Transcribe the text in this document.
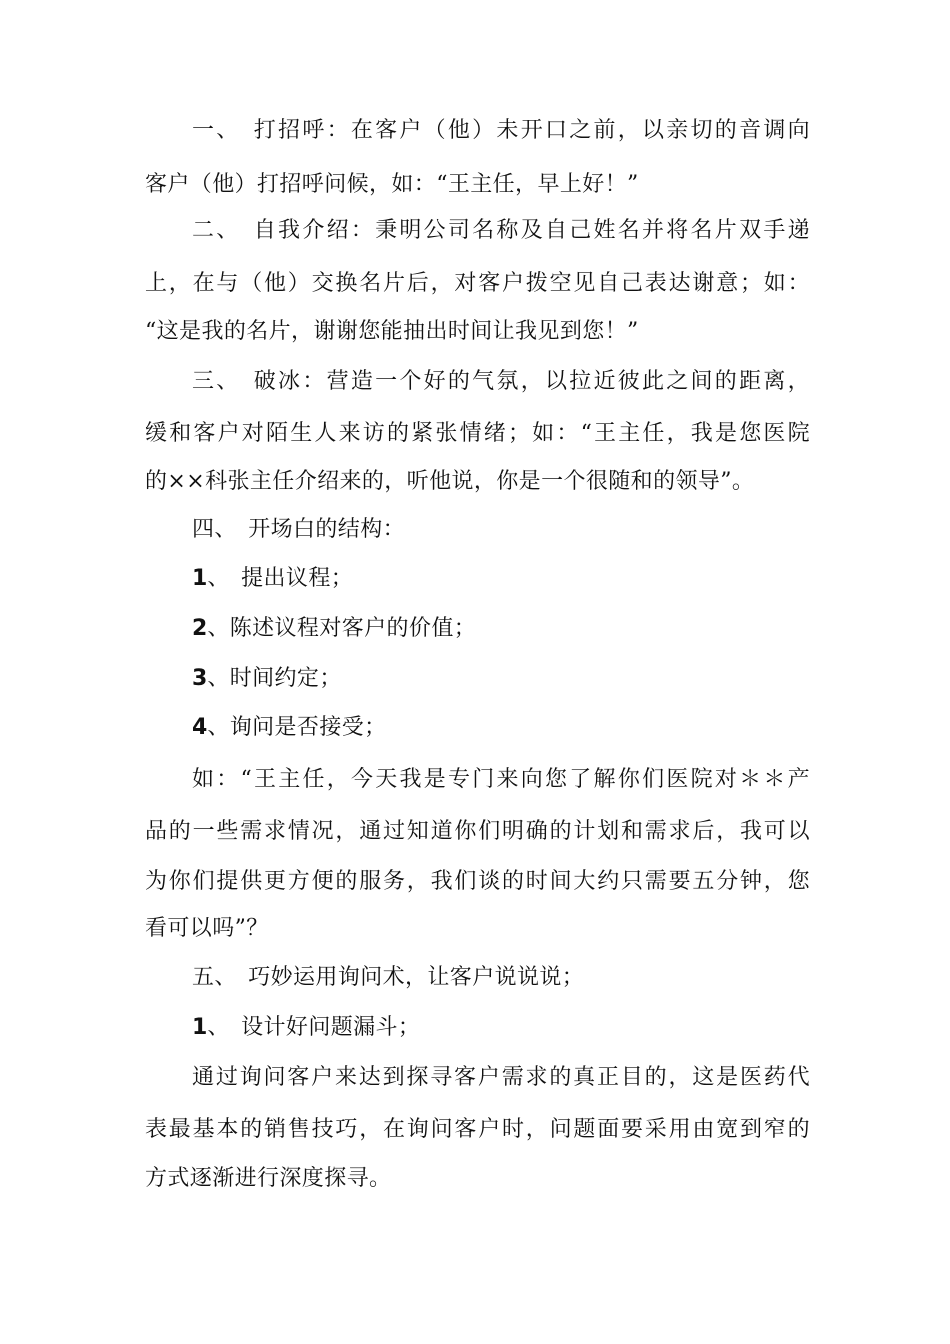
一、　打招呼：在客户（他）未开口之前，以亲切的音调向
客户（他）打招呼问候，如：“王主任，早上好！”
二、　自我介绍：秉明公司名称及自己姓名并将名片双手递
上，在与（他）交换名片后，对客户拨空见自己表达谢意；如：
“这是我的名片，谢谢您能抽出时间让我见到您！”
三、　破冰：营造一个好的气氛，以拉近彼此之间的距离，
缓和客户对陌生人来访的紧张情绪；如：“王主任，我是您医院
的××科张主任介绍来的，听他说，你是一个很随和的领导”。
四、　开场白的结构：
1、　提出议程；
2、陈述议程对客户的价值；
3、时间约定；
4、询问是否接受；
如：“王主任，今天我是专门来向您了解你们医院对＊＊产
品的一些需求情况，通过知道你们明确的计划和需求后，我可以
为你们提供更方便的服务，我们谈的时间大约只需要五分钟，您
看可以吗”？
五、　巧妙运用询问术，让客户说说说；
1、　设计好问题漏斗；
通过询问客户来达到探寻客户需求的真正目的，这是医药代
表最基本的销售技巧，在询问客户时，问题面要采用由宽到窄的
方式逐渐进行深度探寻。
